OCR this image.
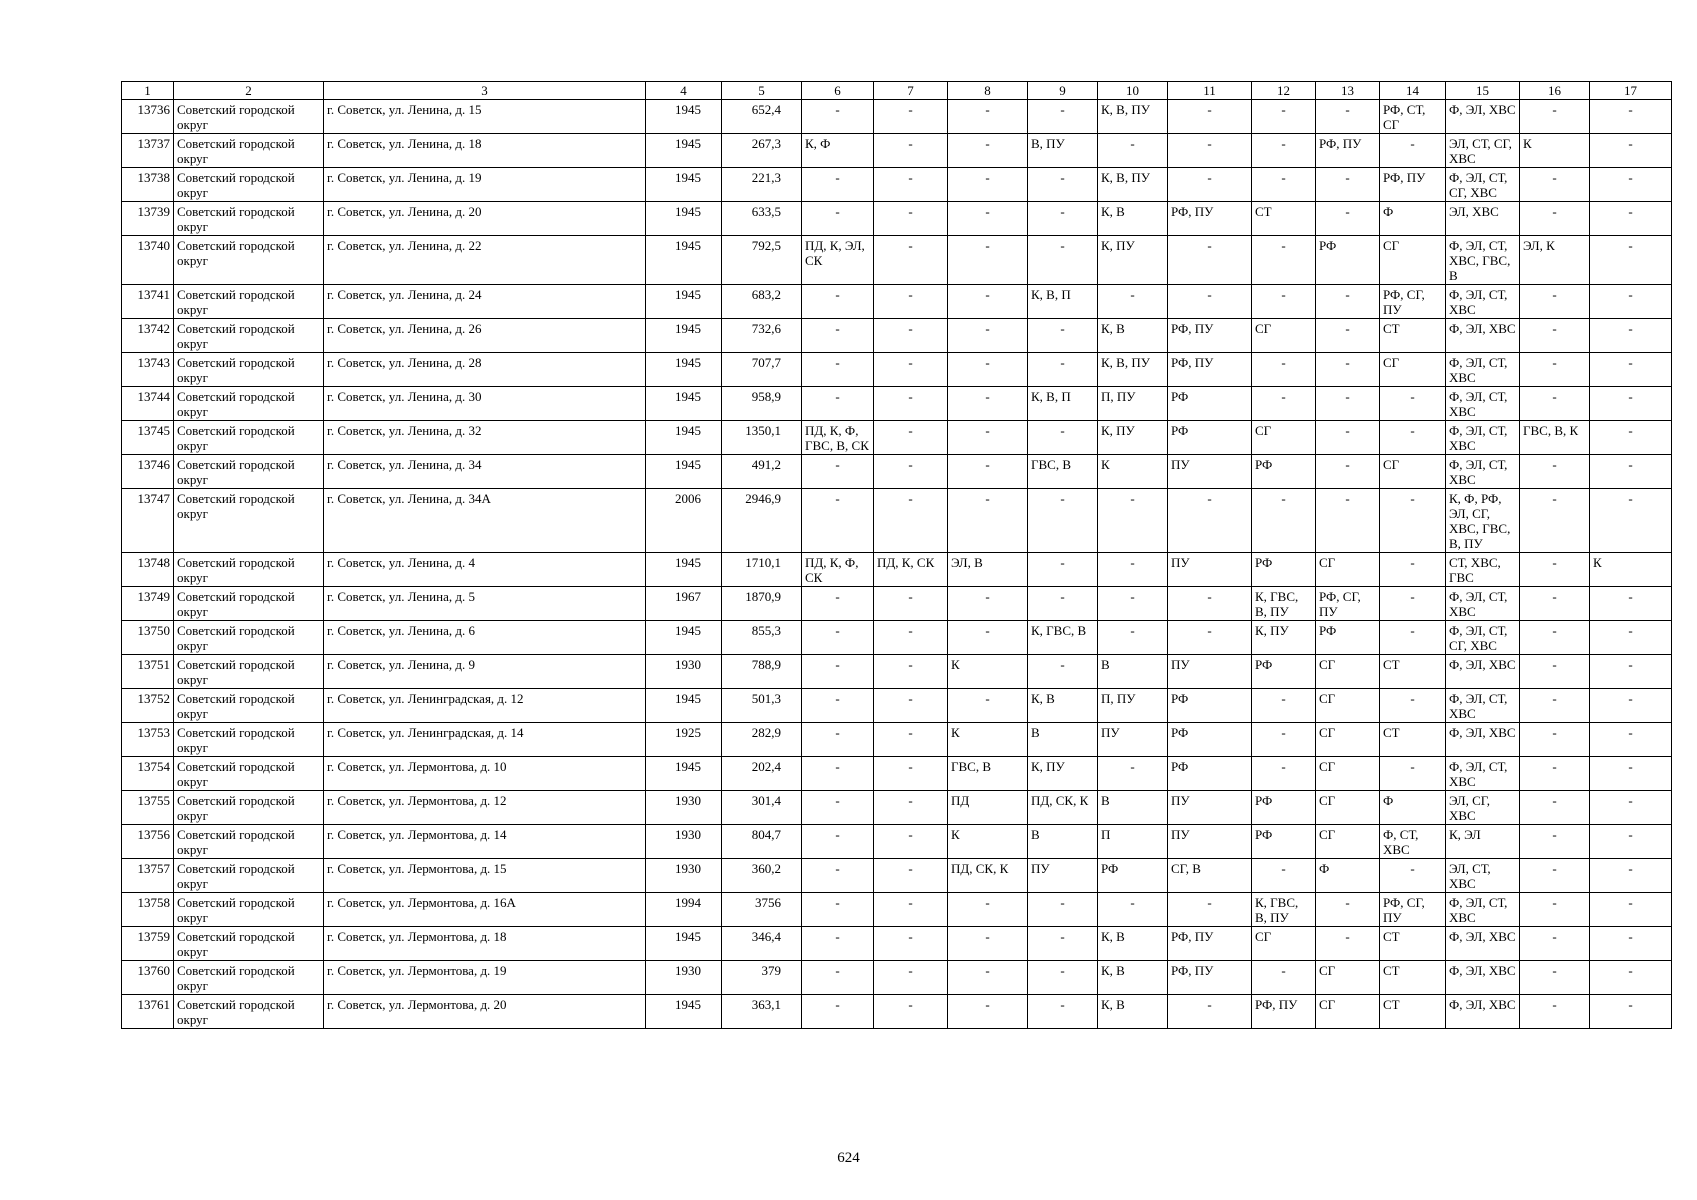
1	2	3	4	5	6	7	8	9	10	11	12	13	14	15	16	17
13736	Советский городской округ	г. Советск, ул. Ленина, д. 15	1945	652,4	-	-	-	-	К, В, ПУ	-	-	-	РФ, СТ, СГ	Ф, ЭЛ, ХВС	-	-
13737	Советский городской округ	г. Советск, ул. Ленина, д. 18	1945	267,3	К, Ф	-	-	В, ПУ	-	-	-	РФ, ПУ	-	ЭЛ, СТ, СГ, ХВС	К	-
13738	Советский городской округ	г. Советск, ул. Ленина, д. 19	1945	221,3	-	-	-	-	К, В, ПУ	-	-	-	РФ, ПУ	Ф, ЭЛ, СТ, СГ, ХВС	-	-
13739	Советский городской округ	г. Советск, ул. Ленина, д. 20	1945	633,5	-	-	-	-	К, В	РФ, ПУ	СТ	-	Ф	ЭЛ, ХВС	-	-
13740	Советский городской округ	г. Советск, ул. Ленина, д. 22	1945	792,5	ПД, К, ЭЛ, СК	-	-	-	К, ПУ	-	-	РФ	СГ	Ф, ЭЛ, СТ, ХВС, ГВС, В	ЭЛ, К	-
13741	Советский городской округ	г. Советск, ул. Ленина, д. 24	1945	683,2	-	-	-	К, В, П	-	-	-	-	РФ, СГ, ПУ	Ф, ЭЛ, СТ, ХВС	-	-
13742	Советский городской округ	г. Советск, ул. Ленина, д. 26	1945	732,6	-	-	-	-	К, В	РФ, ПУ	СГ	-	СТ	Ф, ЭЛ, ХВС	-	-
13743	Советский городской округ	г. Советск, ул. Ленина, д. 28	1945	707,7	-	-	-	-	К, В, ПУ	РФ, ПУ	-	-	СГ	Ф, ЭЛ, СТ, ХВС	-	-
13744	Советский городской округ	г. Советск, ул. Ленина, д. 30	1945	958,9	-	-	-	К, В, П	П, ПУ	РФ	-	-	-	Ф, ЭЛ, СТ, ХВС	-	-
13745	Советский городской округ	г. Советск, ул. Ленина, д. 32	1945	1350,1	ПД, К, Ф, ГВС, В, СК	-	-	-	К, ПУ	РФ	СГ	-	-	Ф, ЭЛ, СТ, ХВС	ГВС, В, К	-
13746	Советский городской округ	г. Советск, ул. Ленина, д. 34	1945	491,2	-	-	-	ГВС, В	К	ПУ	РФ	-	СГ	Ф, ЭЛ, СТ, ХВС	-	-
13747	Советский городской округ	г. Советск, ул. Ленина, д. 34А	2006	2946,9	-	-	-	-	-	-	-	-	-	К, Ф, РФ, ЭЛ, СГ, ХВС, ГВС, В, ПУ	-	-
13748	Советский городской округ	г. Советск, ул. Ленина, д. 4	1945	1710,1	ПД, К, Ф, СК	ПД, К, СК	ЭЛ, В	-	-	ПУ	РФ	СГ	-	СТ, ХВС, ГВС	-	К
13749	Советский городской округ	г. Советск, ул. Ленина, д. 5	1967	1870,9	-	-	-	-	-	-	К, ГВС, В, ПУ	РФ, СГ, ПУ	-	Ф, ЭЛ, СТ, ХВС	-	-
13750	Советский городской округ	г. Советск, ул. Ленина, д. 6	1945	855,3	-	-	-	К, ГВС, В	-	-	К, ПУ	РФ	-	Ф, ЭЛ, СТ, СГ, ХВС	-	-
13751	Советский городской округ	г. Советск, ул. Ленина, д. 9	1930	788,9	-	-	К	-	В	ПУ	РФ	СГ	СТ	Ф, ЭЛ, ХВС	-	-
13752	Советский городской округ	г. Советск, ул. Ленинградская, д. 12	1945	501,3	-	-	-	К, В	П, ПУ	РФ	-	СГ	-	Ф, ЭЛ, СТ, ХВС	-	-
13753	Советский городской округ	г. Советск, ул. Ленинградская, д. 14	1925	282,9	-	-	К	В	ПУ	РФ	-	СГ	СТ	Ф, ЭЛ, ХВС	-	-
13754	Советский городской округ	г. Советск, ул. Лермонтова, д. 10	1945	202,4	-	-	ГВС, В	К, ПУ	-	РФ	-	СГ	-	Ф, ЭЛ, СТ, ХВС	-	-
13755	Советский городской округ	г. Советск, ул. Лермонтова, д. 12	1930	301,4	-	-	ПД	ПД, СК, К	В	ПУ	РФ	СГ	Ф	ЭЛ, СГ, ХВС	-	-
13756	Советский городской округ	г. Советск, ул. Лермонтова, д. 14	1930	804,7	-	-	К	В	П	ПУ	РФ	СГ	Ф, СТ, ХВС	К, ЭЛ	-	-
13757	Советский городской округ	г. Советск, ул. Лермонтова, д. 15	1930	360,2	-	-	ПД, СК, К	ПУ	РФ	СГ, В	-	Ф	-	ЭЛ, СТ, ХВС	-	-
13758	Советский городской округ	г. Советск, ул. Лермонтова, д. 16А	1994	3756	-	-	-	-	-	-	К, ГВС, В, ПУ	-	РФ, СГ, ПУ	Ф, ЭЛ, СТ, ХВС	-	-
13759	Советский городской округ	г. Советск, ул. Лермонтова, д. 18	1945	346,4	-	-	-	-	К, В	РФ, ПУ	СГ	-	СТ	Ф, ЭЛ, ХВС	-	-
13760	Советский городской округ	г. Советск, ул. Лермонтова, д. 19	1930	379	-	-	-	-	К, В	РФ, ПУ	-	СГ	СТ	Ф, ЭЛ, ХВС	-	-
13761	Советский городской округ	г. Советск, ул. Лермонтова, д. 20	1945	363,1	-	-	-	-	К, В	-	РФ, ПУ	СГ	СТ	Ф, ЭЛ, ХВС	-	-
624
